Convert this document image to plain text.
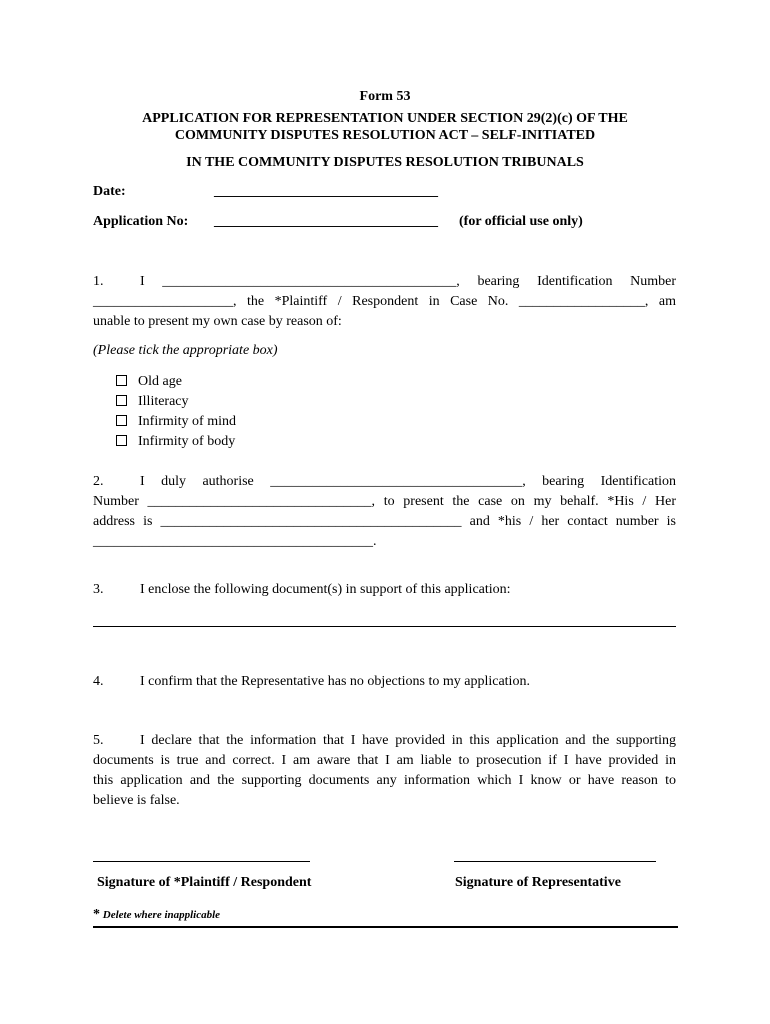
Form 53
APPLICATION FOR REPRESENTATION UNDER SECTION 29(2)(c) OF THE
COMMUNITY DISPUTES RESOLUTION ACT – SELF-INITIATED
IN THE COMMUNITY DISPUTES RESOLUTION TRIBUNALS
Date:	________________________________
Application No: ________________________________ (for official use only)
1.	I __________________________________________, bearing Identification Number
____________________, the *Plaintiff / Respondent in Case No. __________________, am
unable to present my own case by reason of:
(Please tick the appropriate box)
Old age
Illiteracy
Infirmity of mind
Infirmity of body
2.	I duly authorise ____________________________________, bearing Identification
Number ________________________________, to present the case on my behalf. *His / Her
address is ___________________________________________ and *his / her contact number is
________________________________________.
3.	I enclose the following document(s) in support of this application:
4.	I confirm that the Representative has no objections to my application.
5.	I declare that the information that I have provided in this application and the supporting
documents is true and correct. I am aware that I am liable to prosecution if I have provided in
this application and the supporting documents any information which I know or have reason to
believe is false.
Signature of *Plaintiff / Respondent	Signature of Representative
* Delete where inapplicable
